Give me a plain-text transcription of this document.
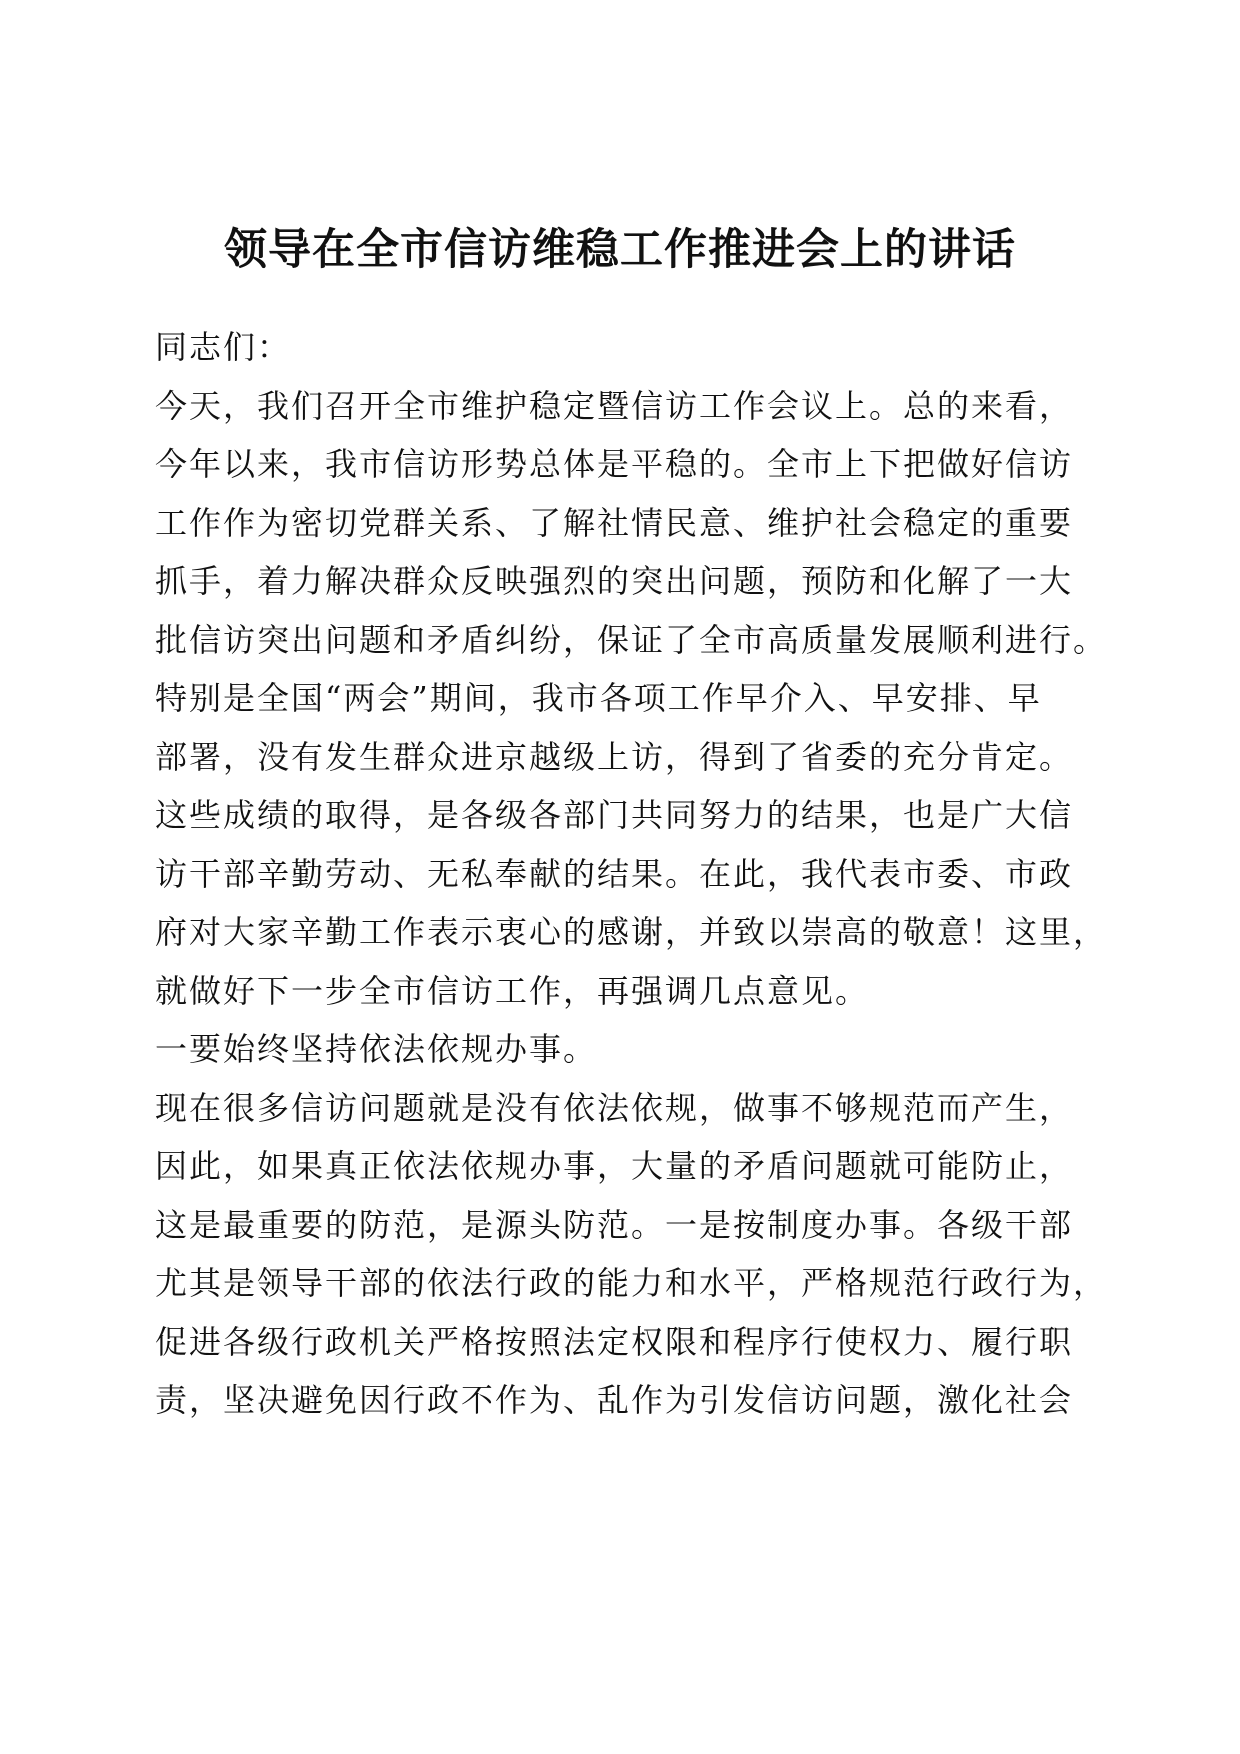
领导在全市信访维稳工作推进会上的讲话

同志们：

今天，我们召开全市维护稳定暨信访工作会议上。总的来看，

今年以来，我市信访形势总体是平稳的。全市上下把做好信访

工作作为密切党群关系、了解社情民意、维护社会稳定的重要

抓手，着力解决群众反映强烈的突出问题，预防和化解了一大

批信访突出问题和矛盾纠纷，保证了全市高质量发展顺利进行。

特别是全国“两会”期间，我市各项工作早介入、早安排、早

部署，没有发生群众进京越级上访，得到了省委的充分肯定。

这些成绩的取得，是各级各部门共同努力的结果，也是广大信

访干部辛勤劳动、无私奉献的结果。在此，我代表市委、市政

府对大家辛勤工作表示衷心的感谢，并致以崇高的敬意！这里，

就做好下一步全市信访工作，再强调几点意见。

一要始终坚持依法依规办事。

现在很多信访问题就是没有依法依规，做事不够规范而产生，

因此，如果真正依法依规办事，大量的矛盾问题就可能防止，

这是最重要的防范，是源头防范。一是按制度办事。各级干部

尤其是领导干部的依法行政的能力和水平，严格规范行政行为，

促进各级行政机关严格按照法定权限和程序行使权力、履行职

责，坚决避免因行政不作为、乱作为引发信访问题，激化社会
